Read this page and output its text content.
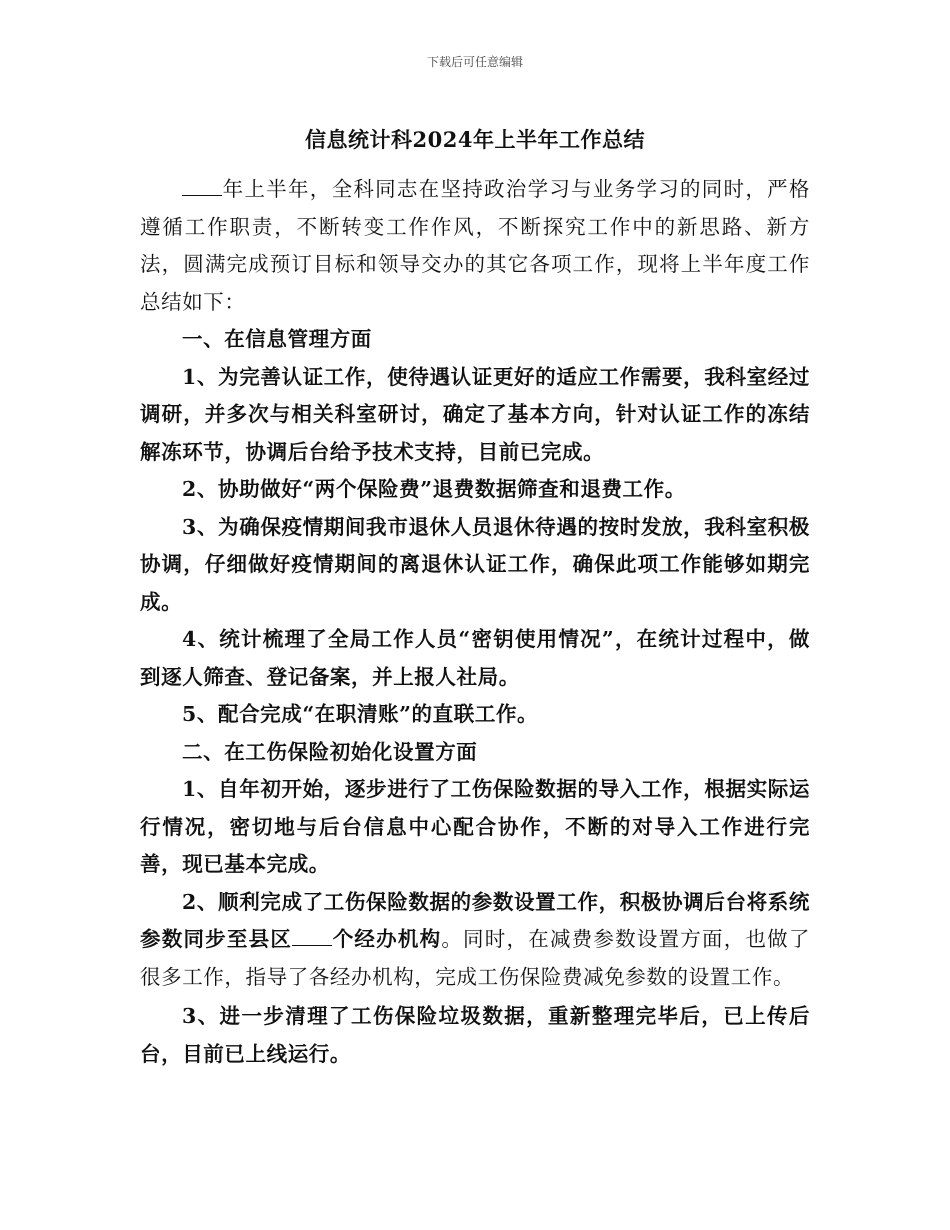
下载后可任意编辑
信息统计科2024年上半年工作总结

年上半年，全科同志在坚持政治学习与业务学习的同时，严格遵循工作职责，不断转变工作作风，不断探究工作中的新思路、新方法，圆满完成预订目标和领导交办的其它各项工作，现将上半年度工作总结如下：

一、在信息管理方面

1、为完善认证工作，使待遇认证更好的适应工作需要，我科室经过调研，并多次与相关科室研讨，确定了基本方向，针对认证工作的冻结解冻环节，协调后台给予技术支持，目前已完成。

2、协助做好“两个保险费”退费数据筛查和退费工作。

3、为确保疫情期间我市退休人员退休待遇的按时发放，我科室积极协调，仔细做好疫情期间的离退休认证工作，确保此项工作能够如期完成。

4、统计梳理了全局工作人员“密钥使用情况”，在统计过程中，做到逐人筛查、登记备案，并上报人社局。

5、配合完成“在职清账”的直联工作。

二、在工伤保险初始化设置方面

1、自年初开始，逐步进行了工伤保险数据的导入工作，根据实际运行情况，密切地与后台信息中心配合协作，不断的对导入工作进行完善，现已基本完成。

2、顺利完成了工伤保险数据的参数设置工作，积极协调后台将系统参数同步至县区 个经办机构。同时，在减费参数设置方面，也做了很多工作，指导了各经办机构，完成工伤保险费减免参数的设置工作。

3、进一步清理了工伤保险垃圾数据，重新整理完毕后，已上传后台，目前已上线运行。
